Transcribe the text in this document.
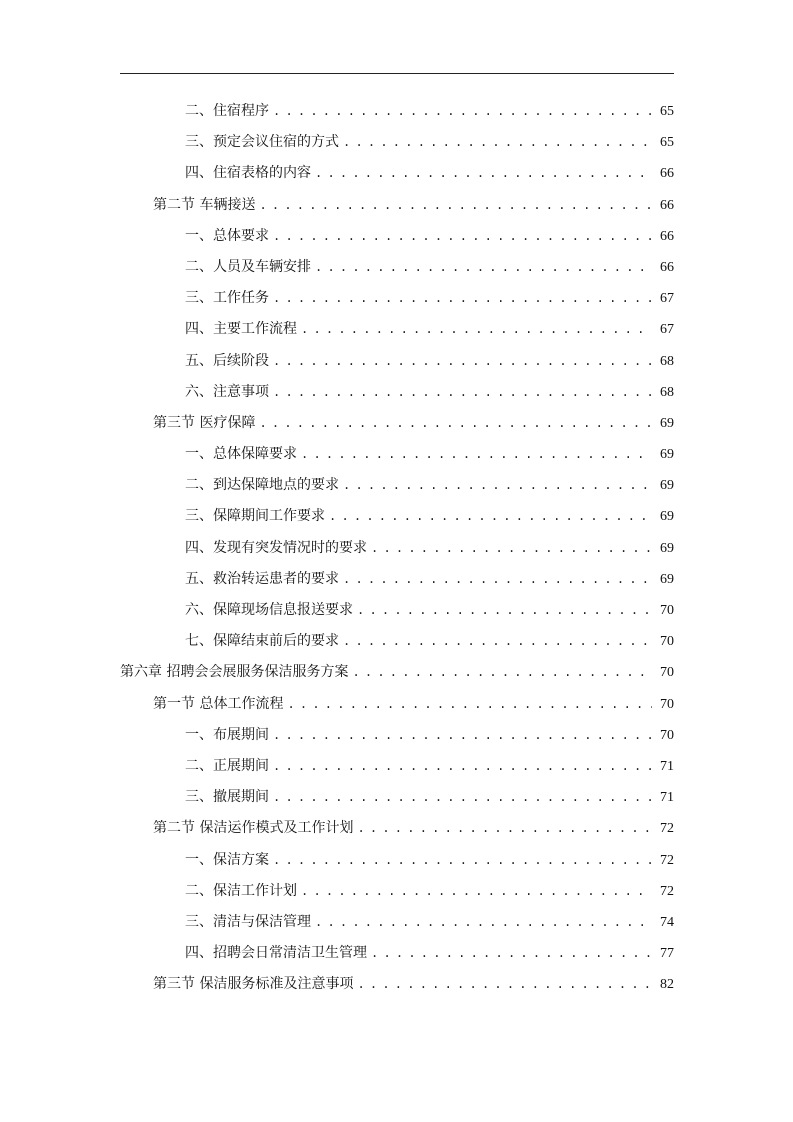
二、住宿程序 . . .	65
三、预定会议住宿的方式 . . .	65
四、住宿表格的内容 . . .	66
第二节 车辆接送 . . .	66
一、总体要求 . . .	66
二、人员及车辆安排 . . .	66
三、工作任务 . . .	67
四、主要工作流程 . . .	67
五、后续阶段 . . .	68
六、注意事项 . . .	68
第三节 医疗保障 . . .	69
一、总体保障要求 . . .	69
二、到达保障地点的要求 . . .	69
三、保障期间工作要求 . . .	69
四、发现有突发情况时的要求 . . .	69
五、救治转运患者的要求 . . .	69
六、保障现场信息报送要求 . . .	70
七、保障结束前后的要求 . . .	70
第六章 招聘会会展服务保洁服务方案 . . .	70
第一节 总体工作流程 . . .	70
一、布展期间 . . .	70
二、正展期间 . . .	71
三、撤展期间 . . .	71
第二节 保洁运作模式及工作计划 . . .	72
一、保洁方案 . . .	72
二、保洁工作计划 . . .	72
三、清洁与保洁管理 . . .	74
四、招聘会日常清洁卫生管理 . . .	77
第三节 保洁服务标准及注意事项 . . .	82
